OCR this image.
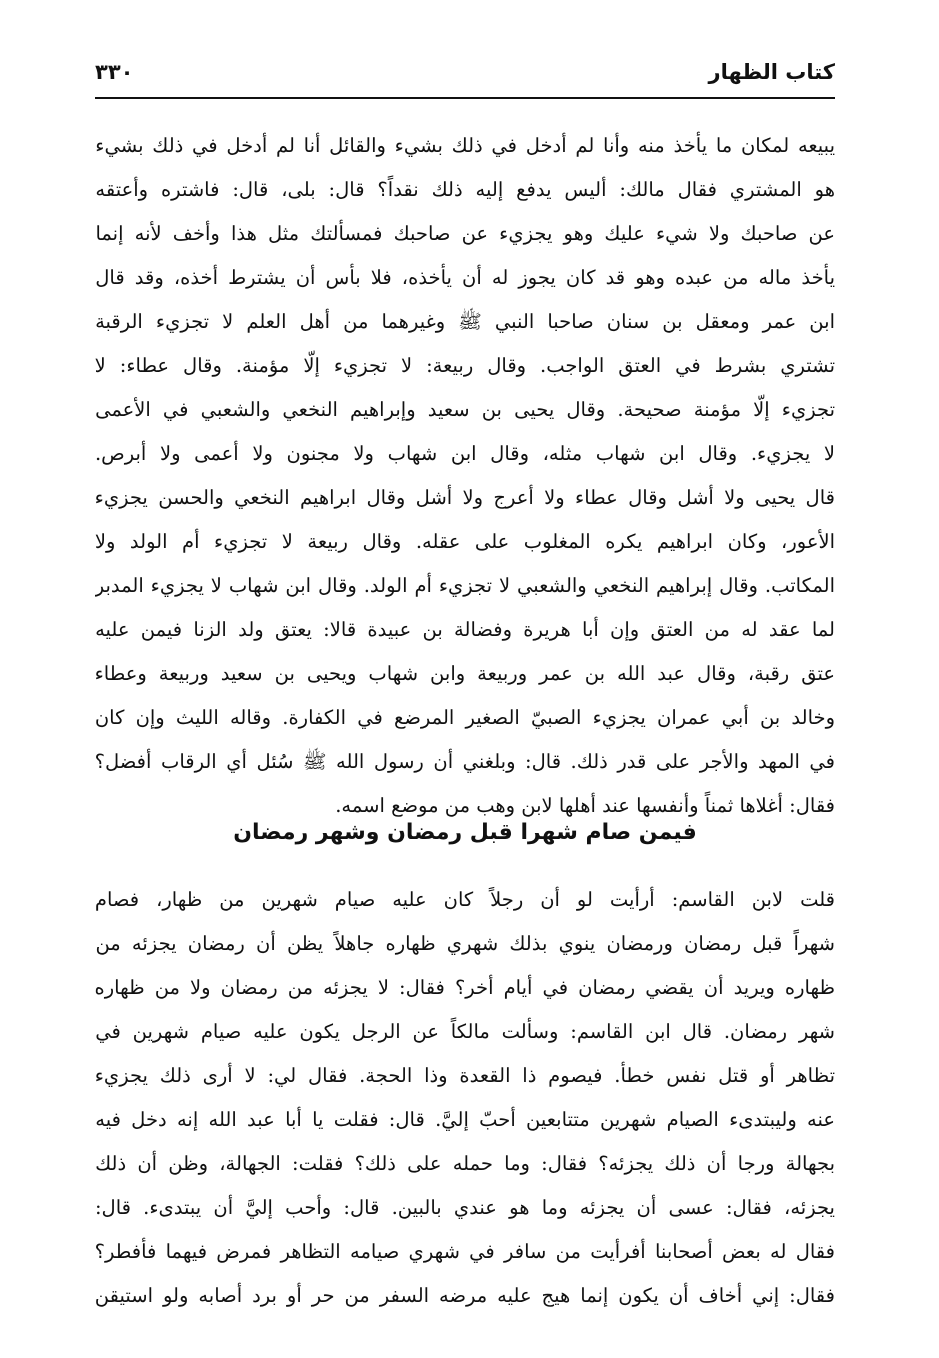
كتاب الظهار
٣٣٠
يبيعه لمكان ما يأخذ منه وأنا لم أدخل في ذلك بشيء والقائل أنا لم أدخل في ذلك بشيء
هو المشتري فقال مالك: أليس يدفع إليه ذلك نقداً؟ قال: بلى، قال: فاشتره وأعتقه
عن صاحبك ولا شيء عليك وهو يجزيء عن صاحبك فمسألتك مثل هذا وأخف لأنه إنما
يأخذ ماله من عبده وهو قد كان يجوز له أن يأخذه، فلا بأس أن يشترط أخذه، وقد قال
ابن عمر ومعقل بن سنان صاحبا النبي ﷺ وغيرهما من أهل العلم لا تجزيء الرقبة
تشتري بشرط في العتق الواجب. وقال ربيعة: لا تجزيء إلّا مؤمنة. وقال عطاء: لا
تجزيء إلّا مؤمنة صحيحة. وقال يحيى بن سعيد وإبراهيم النخعي والشعبي في الأعمى
لا يجزيء. وقال ابن شهاب مثله، وقال ابن شهاب ولا مجنون ولا أعمى ولا أبرص.
قال يحيى ولا أشل وقال عطاء ولا أعرج ولا أشل وقال ابراهيم النخعي والحسن يجزيء
الأعور، وكان ابراهيم يكره المغلوب على عقله. وقال ربيعة لا تجزيء أم الولد ولا
المكاتب. وقال إبراهيم النخعي والشعبي لا تجزيء أم الولد. وقال ابن شهاب لا يجزيء المدبر
لما عقد له من العتق وإن أبا هريرة وفضالة بن عبيدة قالا: يعتق ولد الزنا فيمن عليه
عتق رقبة، وقال عبد الله بن عمر وربيعة وابن شهاب ويحيى بن سعيد وربيعة وعطاء
وخالد بن أبي عمران يجزيء الصبيّ الصغير المرضع في الكفارة. وقاله الليث وإن كان
في المهد والأجر على قدر ذلك. قال: وبلغني أن رسول الله ﷺ سُئل أي الرقاب أفضل؟
فقال: أغلاها ثمناً وأنفسها عند أهلها لابن وهب من موضع اسمه.
فيمن صام شهرا قبل رمضان وشهر رمضان
قلت لابن القاسم: أرأيت لو أن رجلاً كان عليه صيام شهرين من ظهار، فصام
شهراً قبل رمضان ورمضان ينوي بذلك شهري ظهاره جاهلاً يظن أن رمضان يجزئه من
ظهاره ويريد أن يقضي رمضان في أيام أخر؟ فقال: لا يجزئه من رمضان ولا من ظهاره
شهر رمضان. قال ابن القاسم: وسألت مالكاً عن الرجل يكون عليه صيام شهرين في
تظاهر أو قتل نفس خطأ. فيصوم ذا القعدة وذا الحجة. فقال لي: لا أرى ذلك يجزيء
عنه وليبتدىء الصيام شهرين متتابعين أحبّ إليَّ. قال: فقلت يا أبا عبد الله إنه دخل فيه
بجهالة ورجا أن ذلك يجزئه؟ فقال: وما حمله على ذلك؟ فقلت: الجهالة، وظن أن ذلك
يجزئه، فقال: عسى أن يجزئه وما هو عندي بالبين. قال: وأحب إليَّ أن يبتدىء. قال:
فقال له بعض أصحابنا أفرأيت من سافر في شهري صيامه التظاهر فمرض فيهما فأفطر؟
فقال: إني أخاف أن يكون إنما هيج عليه مرضه السفر من حر أو برد أصابه ولو استيقن
